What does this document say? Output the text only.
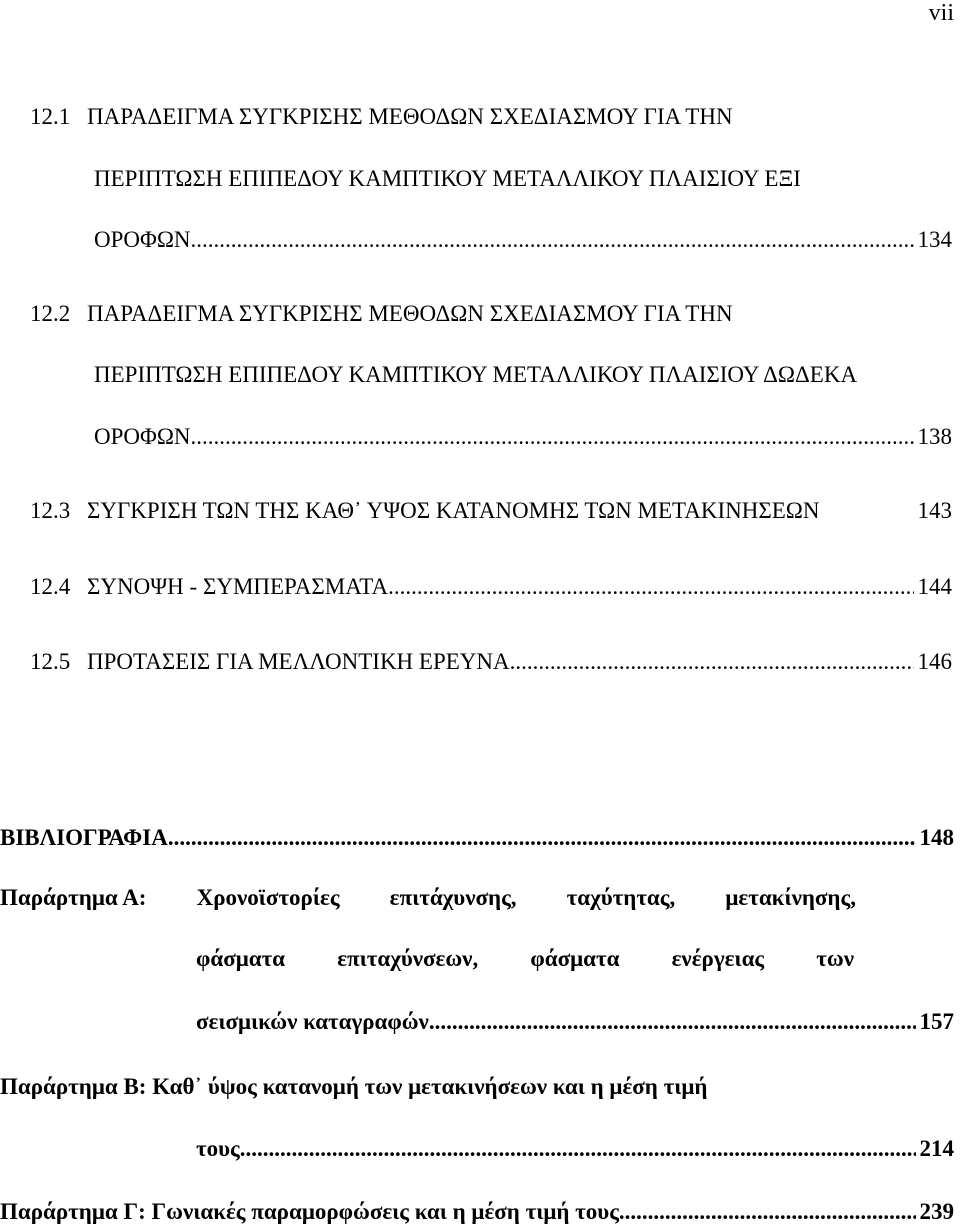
vii
12.1 ΠΑΡΑΔΕΙΓΜΑ ΣΥΓΚΡΙΣΗΣ ΜΕΘΟΔΩΝ ΣΧΕΔΙΑΣΜΟΥ ΓΙΑ ΤΗΝ
ΠΕΡΙΠΤΩΣΗ ΕΠΙΠΕΔΟΥ ΚΑΜΠΤΙΚΟΥ ΜΕΤΑΛΛΙΚΟΥ ΠΛΑΙΣΙΟΥ ΕΞΙ
ΟΡΟΦΩΝ .....	134
12.2 ΠΑΡΑΔΕΙΓΜΑ ΣΥΓΚΡΙΣΗΣ ΜΕΘΟΔΩΝ ΣΧΕΔΙΑΣΜΟΥ ΓΙΑ ΤΗΝ
ΠΕΡΙΠΤΩΣΗ ΕΠΙΠΕΔΟΥ ΚΑΜΠΤΙΚΟΥ ΜΕΤΑΛΛΙΚΟΥ ΠΛΑΙΣΙΟΥ ΔΩΔΕΚΑ
ΟΡΟΦΩΝ .....	138
12.3 ΣΥΓΚΡΙΣΗ ΤΩΝ ΤΗΣ ΚΑΘ᾽ ΥΨΟΣ ΚΑΤΑΝΟΜΗΣ ΤΩΝ ΜΕΤΑΚΙΝΗΣΕΩΝ	143
12.4 ΣΥΝΟΨΗ - ΣΥΜΠΕΡΑΣΜΑΤΑ .....	144
12.5 ΠΡΟΤΑΣΕΙΣ ΓΙΑ ΜΕΛΛΟΝΤΙΚΗ ΕΡΕΥΝΑ .....	146
ΒΙΒΛΙΟΓΡΑΦΙΑ .....	148
Παράρτημα Α: Χρονοϊστορίες επιτάχυνσης, ταχύτητας, μετακίνησης,
φάσματα επιταχύνσεων, φάσματα ενέργειας των
σεισμικών καταγραφών .....	157
Παράρτημα Β: Καθ᾽ ύψος κατανομή των μετακινήσεων και η μέση τιμή
τους .....	214
Παράρτημα Γ: Γωνιακές παραμορφώσεις και η μέση τιμή τους .....	239
